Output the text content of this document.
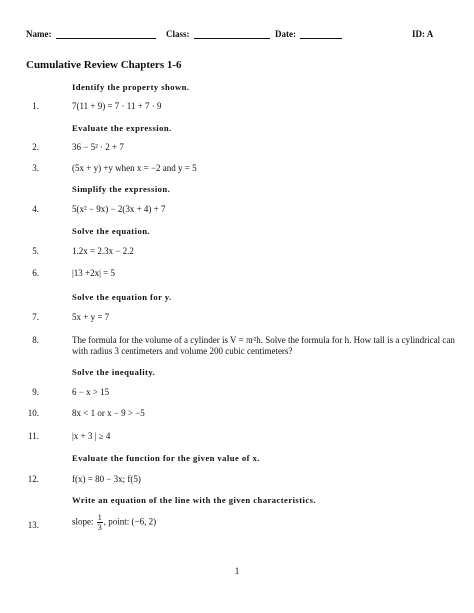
Name:	Class:	Date:	ID: A
Cumulative Review Chapters 1-6
Identify the property shown.
1.	7(11 + 9) = 7 · 11 + 7 · 9
Evaluate the expression.
2.	36 − 5² · 2 + 7
3.	(5x + y) +y when x = −2 and y = 5
Simplify the expression.
4.	5(x² − 9x) − 2(3x + 4) + 7
Solve the equation.
5.	1.2x = 2.3x − 2.2
6.	|13 +2x| = 5
Solve the equation for y.
7.	5x + y = 7
8.	The formula for the volume of a cylinder is V = πr²h. Solve the formula for h. How tall is a cylindrical can with radius 3 centimeters and volume 200 cubic centimeters?
Solve the inequality.
9.	6 − x > 15
10.	8x < 1 or x − 9 > −5
11.	|x + 3 | ≥ 4
Evaluate the function for the given value of x.
12.	f(x) = 80 − 3x; f(5)
Write an equation of the line with the given characteristics.
13.	slope: $\frac{1}{3}$ , point: (−6, 2)
1
